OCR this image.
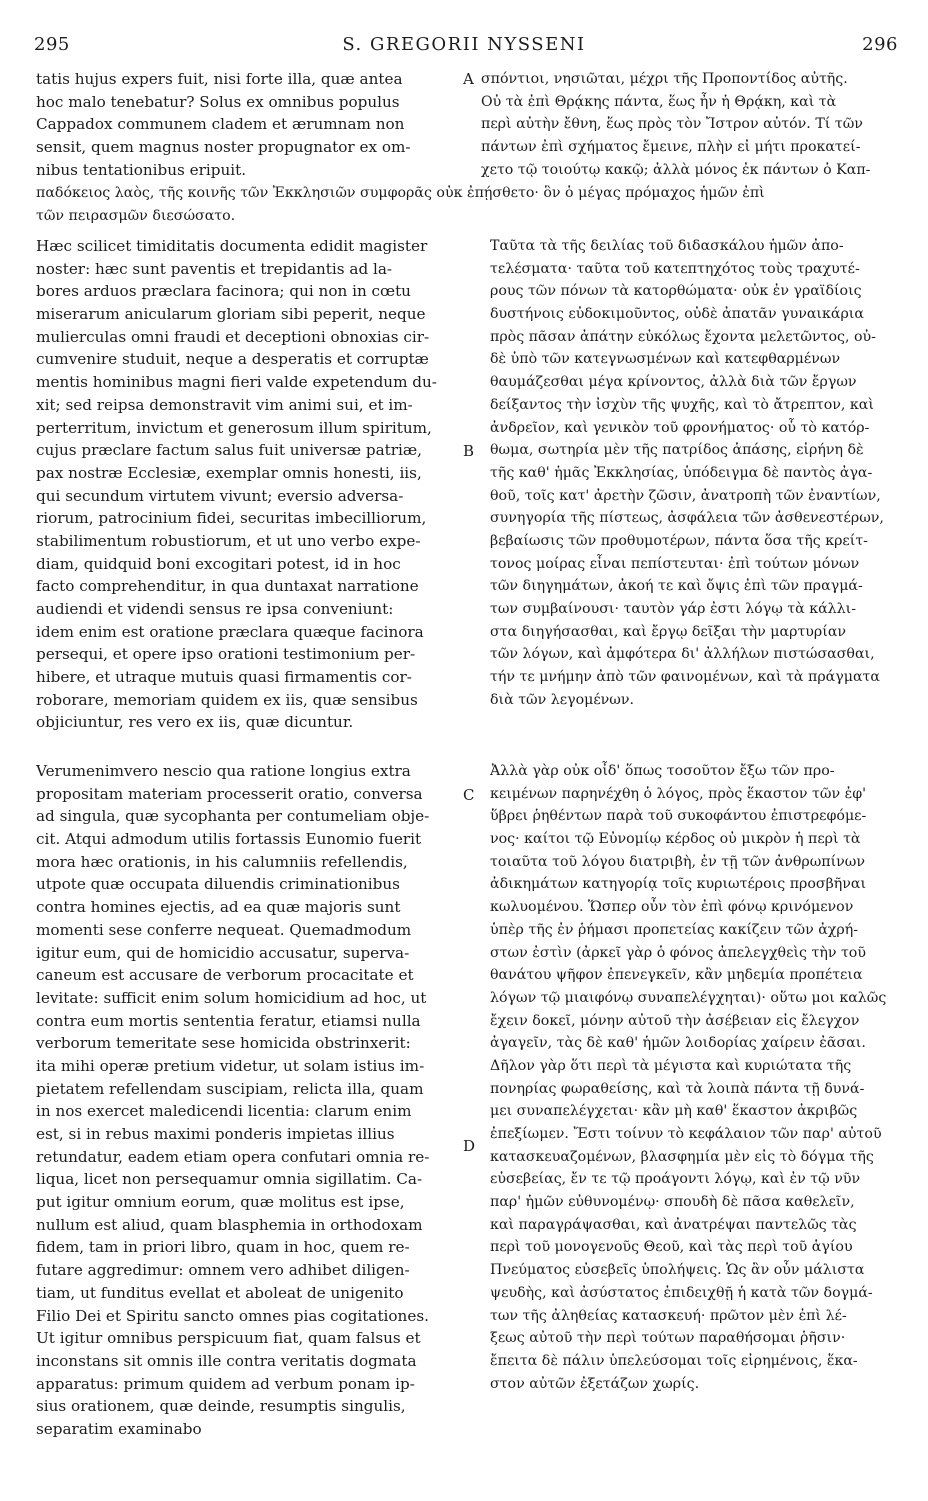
295	S. GREGORII NYSSENI	296
A
B
C
D
tatis hujus expers fuit, nisi forte illa, quæ antea
hoc malo tenebatur? Solus ex omnibus populus
Cappadox communem cladem et ærumnam non
sensit, quem magnus noster propugnator ex om-
nibus tentationibus eripuit.
σπόντιοι, νησιῶται, μέχρι τῆς Προποντίδος αὐτῆς.
Οὐ τὰ ἐπὶ Θρᾴκης πάντα, ἕως ἦν ἡ Θρᾴκη, καὶ τὰ
περὶ αὐτὴν ἔθνη, ἕως πρὸς τὸν Ἴστρον αὐτόν. Τί τῶν
πάντων ἐπὶ σχήματος ἔμεινε, πλὴν εἰ μήτι προκατεί-
χετο τῷ τοιούτῳ κακῷ; ἀλλὰ μόνος ἐκ πάντων ὁ Καπ-
παδόκειος λαὸς, τῆς κοινῆς τῶν Ἐκκλησιῶν συμφορᾶς οὐκ ἐπῄσθετο· ὃν ὁ μέγας πρόμαχος ἡμῶν ἐπὶ
τῶν πειρασμῶν διεσώσατο.
Hæc scilicet timiditatis documenta edidit magister
noster: hæc sunt paventis et trepidantis ad la-
bores arduos præclara facinora; qui non in cœtu
miserarum anicularum gloriam sibi peperit, neque
mulierculas omni fraudi et deceptioni obnoxias cir-
cumvenire studuit, neque a desperatis et corruptæ
mentis hominibus magni fieri valde expetendum du-
xit; sed reipsa demonstravit vim animi sui, et im-
perterritum, invictum et generosum illum spiritum,
cujus præclare factum salus fuit universæ patriæ,
pax nostræ Ecclesiæ, exemplar omnis honesti, iis,
qui secundum virtutem vivunt; eversio adversa-
riorum, patrocinium fidei, securitas imbecilliorum,
stabilimentum robustiorum, et ut uno verbo expe-
diam, quidquid boni excogitari potest, id in hoc
facto comprehenditur, in qua duntaxat narratione
audiendi et videndi sensus re ipsa conveniunt:
idem enim est oratione præclara quæque facinora
persequi, et opere ipso orationi testimonium per-
hibere, et utraque mutuis quasi firmamentis cor-
roborare, memoriam quidem ex iis, quæ sensibus
objiciuntur, res vero ex iis, quæ dicuntur.
Ταῦτα τὰ τῆς δειλίας τοῦ διδασκάλου ἡμῶν ἀπο-
τελέσματα· ταῦτα τοῦ κατεπτηχότος τοὺς τραχυτέ-
ρους τῶν πόνων τὰ κατορθώματα· οὐκ ἐν γραϊδίοις
δυστήνοις εὐδοκιμοῦντος, οὐδὲ ἀπατᾶν γυναικάρια
πρὸς πᾶσαν ἀπάτην εὐκόλως ἔχοντα μελετῶντος, οὐ-
δὲ ὑπὸ τῶν κατεγνωσμένων καὶ κατεφθαρμένων
θαυμάζεσθαι μέγα κρίνοντος, ἀλλὰ διὰ τῶν ἔργων
δείξαντος τὴν ἰσχὺν τῆς ψυχῆς, καὶ τὸ ἄτρεπτον, καὶ
ἀνδρεῖον, καὶ γενικὸν τοῦ φρονήματος· οὗ τὸ κατόρ-
θωμα, σωτηρία μὲν τῆς πατρίδος ἁπάσης, εἰρήνη δὲ
τῆς καθ' ἡμᾶς Ἐκκλησίας, ὑπόδειγμα δὲ παντὸς ἀγα-
θοῦ, τοῖς κατ' ἀρετὴν ζῶσιν, ἀνατροπὴ τῶν ἐναντίων,
συνηγορία τῆς πίστεως, ἀσφάλεια τῶν ἀσθενεστέρων,
βεβαίωσις τῶν προθυμοτέρων, πάντα ὅσα τῆς κρείτ-
τονος μοίρας εἶναι πεπίστευται· ἐπὶ τούτων μόνων
τῶν διηγημάτων, ἀκοή τε καὶ ὄψις ἐπὶ τῶν πραγμά-
των συμβαίνουσι· ταυτὸν γάρ ἐστι λόγῳ τὰ κάλλι-
στα διηγήσασθαι, καὶ ἔργῳ δεῖξαι τὴν μαρτυρίαν
τῶν λόγων, καὶ ἀμφότερα δι' ἀλλήλων πιστώσασθαι,
τήν τε μνήμην ἀπὸ τῶν φαινομένων, καὶ τὰ πράγματα
διὰ τῶν λεγομένων.
Verumenimvero nescio qua ratione longius extra
propositam materiam processerit oratio, conversa
ad singula, quæ sycophanta per contumeliam obje-
cit. Atqui admodum utilis fortassis Eunomio fuerit
mora hæc orationis, in his calumniis refellendis,
utpote quæ occupata diluendis criminationibus
contra homines ejectis, ad ea quæ majoris sunt
momenti sese conferre nequeat. Quemadmodum
igitur eum, qui de homicidio accusatur, superva-
caneum est accusare de verborum procacitate et
levitate: sufficit enim solum homicidium ad hoc, ut
contra eum mortis sententia feratur, etiamsi nulla
verborum temeritate sese homicida obstrinxerit:
ita mihi operæ pretium videtur, ut solam istius im-
pietatem refellendam suscipiam, relicta illa, quam
in nos exercet maledicendi licentia: clarum enim
est, si in rebus maximi ponderis impietas illius
retundatur, eadem etiam opera confutari omnia re-
liqua, licet non persequamur omnia sigillatim. Ca-
put igitur omnium eorum, quæ molitus est ipse,
nullum est aliud, quam blasphemia in orthodoxam
fidem, tam in priori libro, quam in hoc, quem re-
futare aggredimur: omnem vero adhibet diligen-
tiam, ut funditus evellat et aboleat de unigenito
Filio Dei et Spiritu sancto omnes pias cogitationes.
Ut igitur omnibus perspicuum fiat, quam falsus et
inconstans sit omnis ille contra veritatis dogmata
apparatus: primum quidem ad verbum ponam ip-
sius orationem, quæ deinde, resumptis singulis,
separatim examinabo
Ἀλλὰ γὰρ οὐκ οἶδ' ὅπως τοσοῦτον ἔξω τῶν προ-
κειμένων παρηνέχθη ὁ λόγος, πρὸς ἕκαστον τῶν ἐφ'
ὕβρει ῥηθέντων παρὰ τοῦ συκοφάντου ἐπιστρεφόμε-
νος· καίτοι τῷ Εὐνομίῳ κέρδος οὐ μικρὸν ἡ περὶ τὰ
τοιαῦτα τοῦ λόγου διατριβὴ, ἐν τῇ τῶν ἀνθρωπίνων
ἀδικημάτων κατηγορίᾳ τοῖς κυριωτέροις προσβῆναι
κωλυομένου. Ὥσπερ οὖν τὸν ἐπὶ φόνῳ κρινόμενον
ὑπὲρ τῆς ἐν ῥήμασι προπετείας κακίζειν τῶν ἀχρή-
στων ἐστὶν (ἀρκεῖ γὰρ ὁ φόνος ἀπελεγχθεὶς τὴν τοῦ
θανάτου ψῆφον ἐπενεγκεῖν, κἂν μηδεμία προπέτεια
λόγων τῷ μιαιφόνῳ συναπελέγχηται)· οὕτω μοι καλῶς
ἔχειν δοκεῖ, μόνην αὐτοῦ τὴν ἀσέβειαν εἰς ἔλεγχον
ἀγαγεῖν, τὰς δὲ καθ' ἡμῶν λοιδορίας χαίρειν ἐᾶσαι.
Δῆλον γὰρ ὅτι περὶ τὰ μέγιστα καὶ κυριώτατα τῆς
πονηρίας φωραθείσης, καὶ τὰ λοιπὰ πάντα τῇ δυνά-
μει συναπελέγχεται· κἂν μὴ καθ' ἕκαστον ἀκριβῶς
ἐπεξίωμεν. Ἔστι τοίνυν τὸ κεφάλαιον τῶν παρ' αὐτοῦ
κατασκευαζομένων, βλασφημία μὲν εἰς τὸ δόγμα τῆς
εὐσεβείας, ἔν τε τῷ προάγοντι λόγῳ, καὶ ἐν τῷ νῦν
παρ' ἡμῶν εὐθυνομένῳ· σπουδὴ δὲ πᾶσα καθελεῖν,
καὶ παραγράψασθαι, καὶ ἀνατρέψαι παντελῶς τὰς
περὶ τοῦ μονογενοῦς Θεοῦ, καὶ τὰς περὶ τοῦ ἁγίου
Πνεύματος εὐσεβεῖς ὑπολήψεις. Ὡς ἂν οὖν μάλιστα
ψευδὴς, καὶ ἀσύστατος ἐπιδειχθῇ ἡ κατὰ τῶν δογμά-
των τῆς ἀληθείας κατασκευή· πρῶτον μὲν ἐπὶ λέ-
ξεως αὐτοῦ τὴν περὶ τούτων παραθήσομαι ῥῆσιν·
ἔπειτα δὲ πάλιν ὑπελεύσομαι τοῖς εἰρημένοις, ἕκα-
στον αὐτῶν ἐξετάζων χωρίς.
